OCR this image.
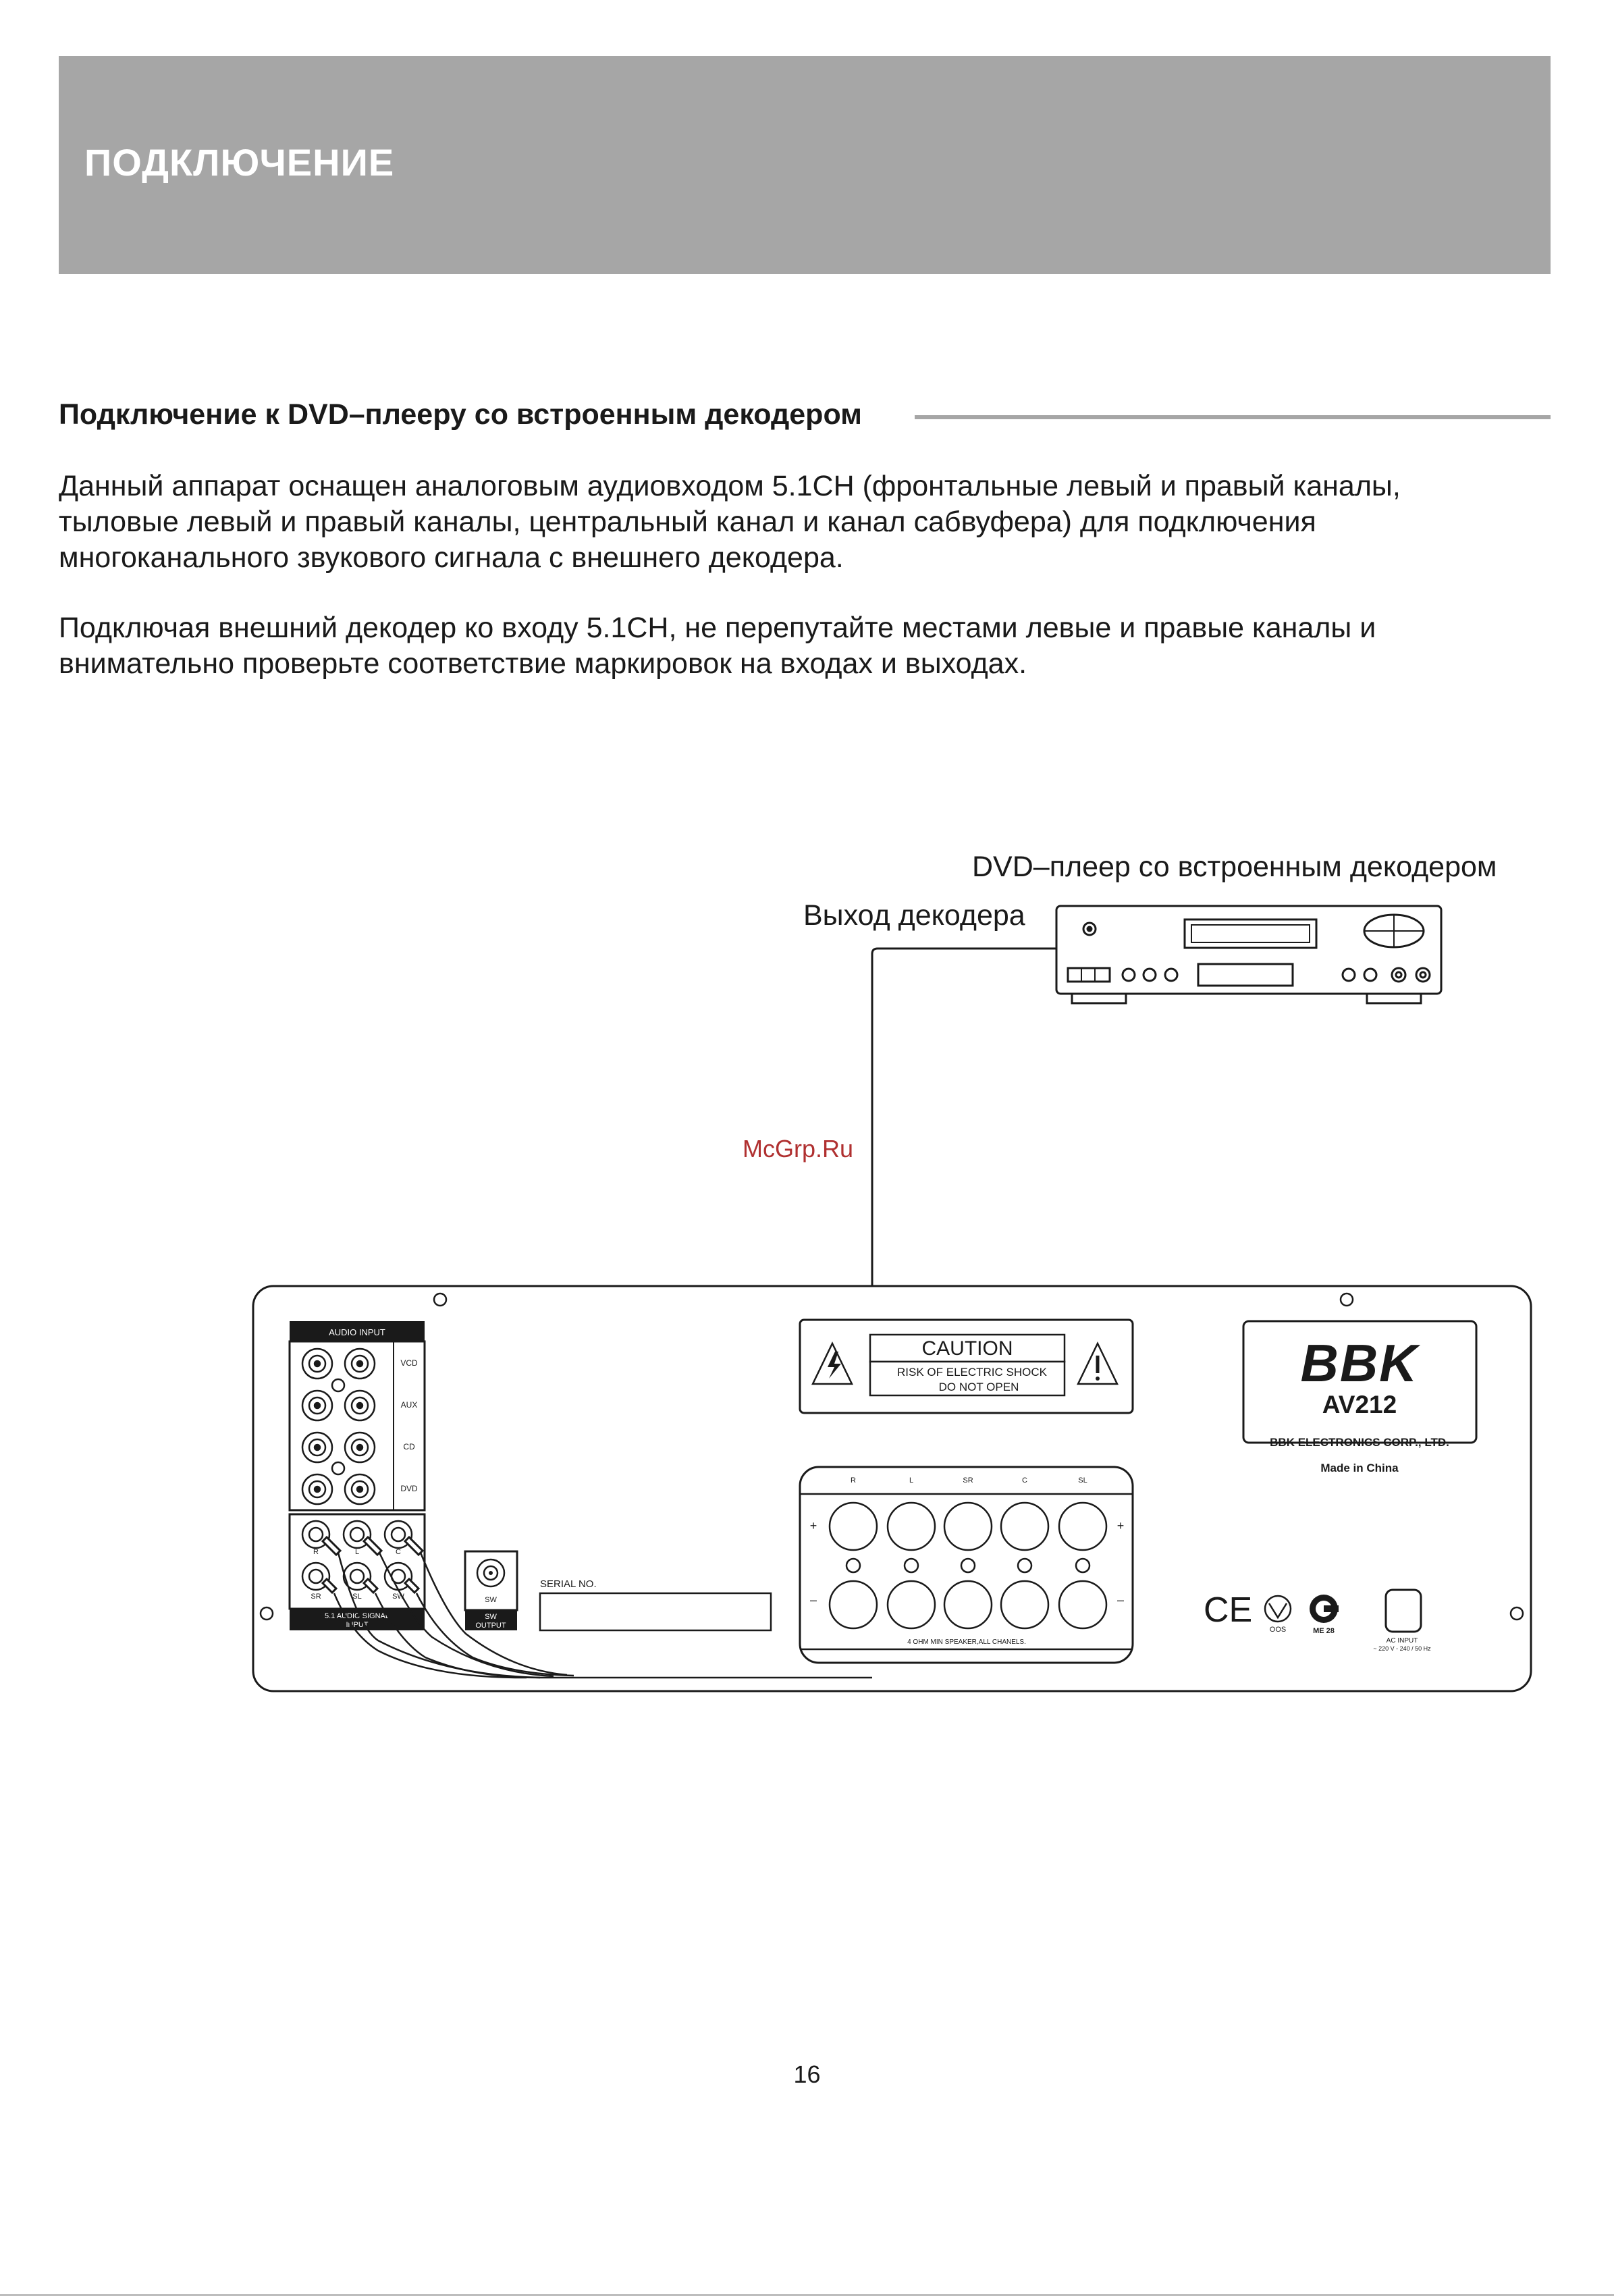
ПОДКЛЮЧЕНИЕ
Подключение к DVD–плееру со встроенным декодером

Данный аппарат оснащен аналоговым аудиовходом 5.1CH (фронтальные левый и правый каналы,
тыловые левый и правый каналы, центральный канал и канал сабвуфера) для подключения
многоканального звукового сигнала с внешнего декодера.

Подключая внешний декодер ко входу 5.1CH, не перепутайте местами левые и правые каналы и
внимательно проверьте соответствие маркировок на входах и выходах.

DVD–плеер со встроенным декодером
Выход декодера
McGrp.Ru
AUDIO INPUT
VCD
AUX
CD
DVD
R	L	C
SR	SL	SW
5.1 AUDIO SIGNAL
INPUT
SW
SW
OUTPUT
SERIAL NO.
CAUTION
RISK OF ELECTRIC SHOCK
DO NOT OPEN
R	L	SR	C	SL
+	+
–	–
4 OHM MIN SPEAKER,ALL CHANELS.
BBK
AV212
BBK ELECTRONICS CORP., LTD.
Made in China
CE OOS	ME 28
AC INPUT
~ 220 V - 240 / 50 Hz
16
